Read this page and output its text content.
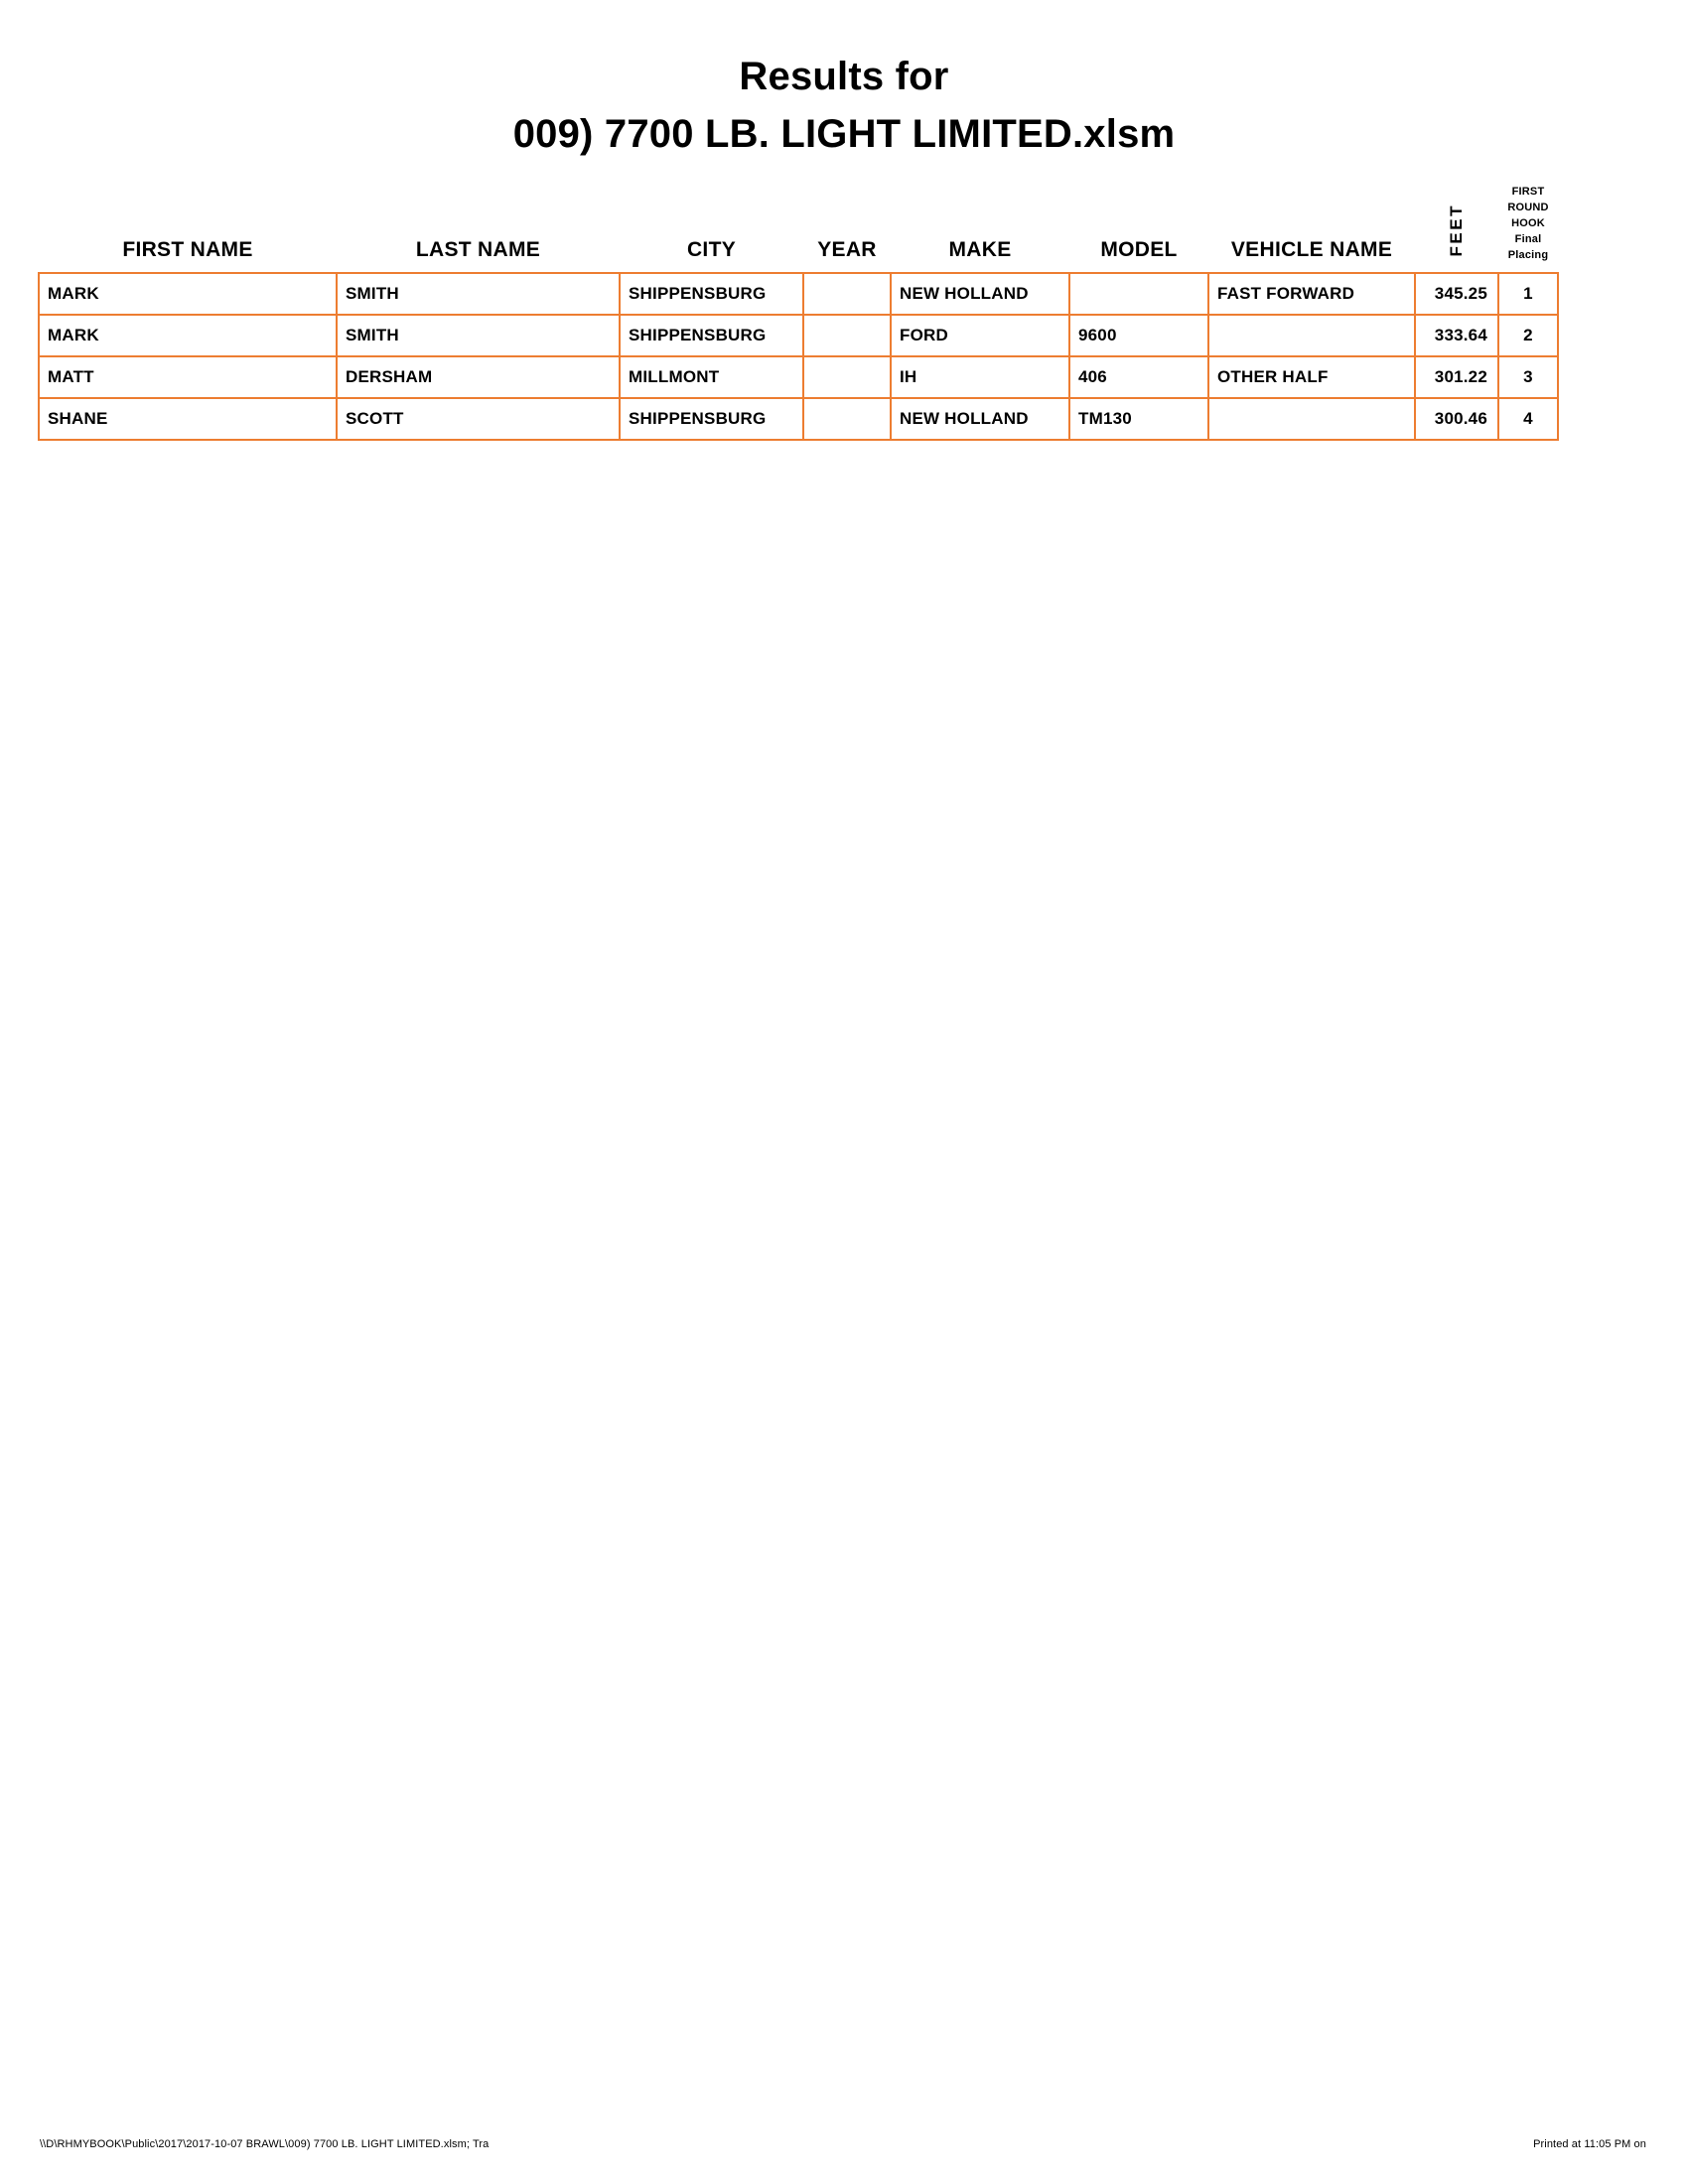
Results for
009) 7700 LB. LIGHT LIMITED.xlsm
FIRST NAME	LAST NAME	CITY	YEAR	MAKE	MODEL	VEHICLE NAME	FEET	FIRST
ROUND
HOOK
Final
Placing

MARK	SMITH	SHIPPENSBURG		NEW HOLLAND		FAST FORWARD	345.25	1
MARK	SMITH	SHIPPENSBURG		FORD	9600		333.64	2
MATT	DERSHAM	MILLMONT		IH	406	OTHER HALF	301.22	3
SHANE	SCOTT	SHIPPENSBURG		NEW HOLLAND	TM130		300.46	4
\\D\RHMYBOOK\Public\2017\2017-10-07 BRAWL\009) 7700 LB. LIGHT LIMITED.xlsm; Tra	Printed at 11:05 PM on
